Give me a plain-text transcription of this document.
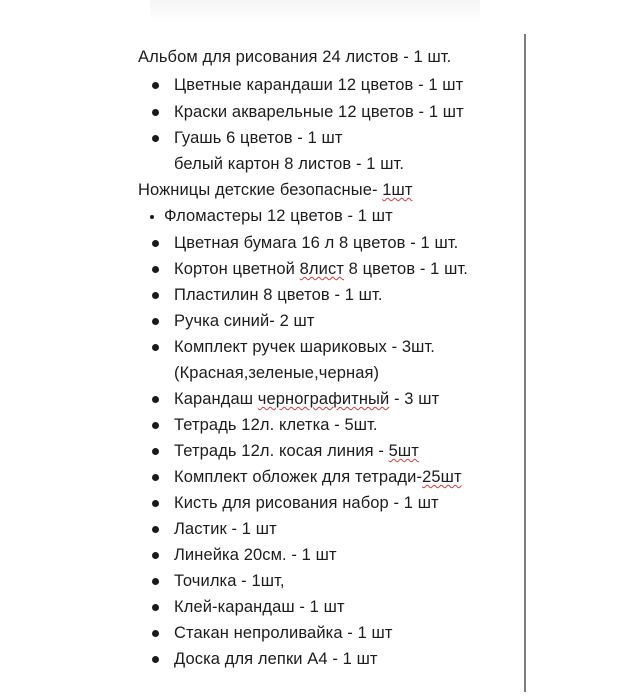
Альбом для рисования 24 листов - 1 шт.
Цветные карандаши 12 цветов - 1 шт
Краски акварельные 12 цветов - 1 шт
Гуашь 6 цветов - 1 шт
белый картон 8 листов - 1 шт.
Ножницы детские безопасные- 1шт
Фломастеры 12 цветов - 1 шт
Цветная бумага 16 л 8 цветов - 1 шт.
Кортон цветной 8лист 8 цветов - 1 шт.
Пластилин 8 цветов - 1 шт.
Ручка синий- 2 шт
Комплект ручек шариковых - 3шт.
(Красная,зеленые,черная)
Карандаш чернографитный - 3 шт
Тетрадь 12л. клетка - 5шт.
Тетрадь 12л. косая линия - 5шт
Комплект обложек для тетради-25шт
Кисть для рисования набор - 1 шт
Ластик - 1 шт
Линейка 20см. - 1 шт
Точилка - 1шт,
Клей-карандаш - 1 шт
Стакан непроливайка - 1 шт
Доска для лепки А4 - 1 шт
